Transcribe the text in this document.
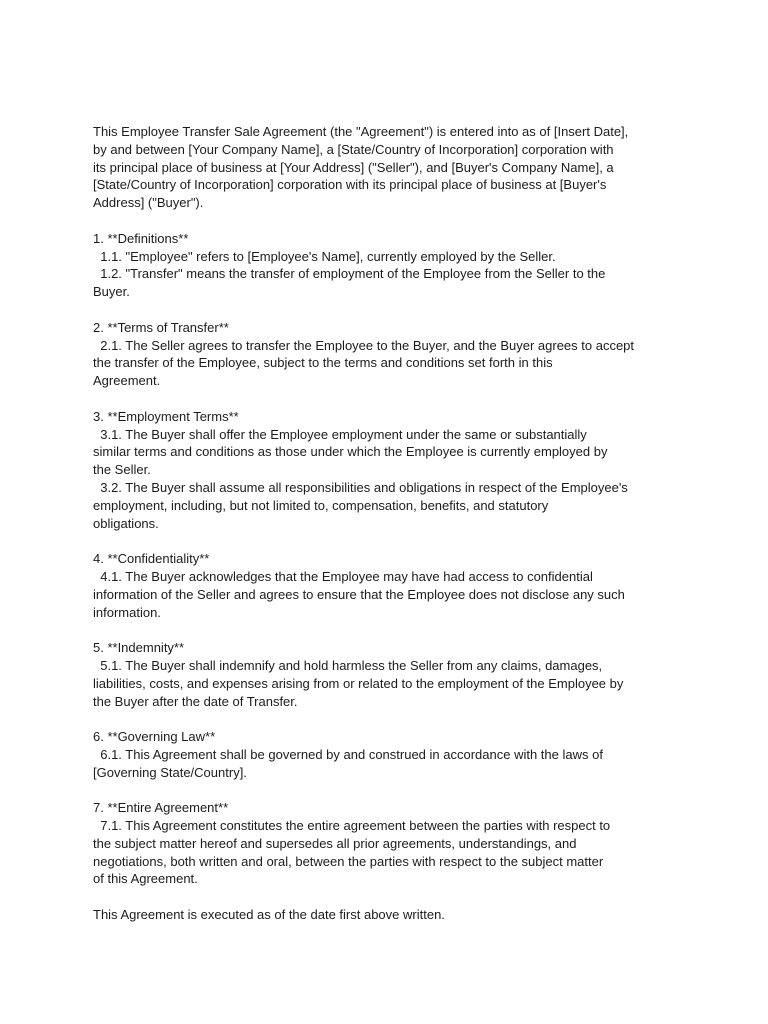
This Employee Transfer Sale Agreement (the "Agreement") is entered into as of [Insert Date],
by and between [Your Company Name], a [State/Country of Incorporation] corporation with
its principal place of business at [Your Address] ("Seller"), and [Buyer's Company Name], a
[State/Country of Incorporation] corporation with its principal place of business at [Buyer's
Address] ("Buyer").
1. **Definitions**
1.1. "Employee" refers to [Employee's Name], currently employed by the Seller.
1.2. "Transfer" means the transfer of employment of the Employee from the Seller to the
Buyer.
2. **Terms of Transfer**
2.1. The Seller agrees to transfer the Employee to the Buyer, and the Buyer agrees to accept
the transfer of the Employee, subject to the terms and conditions set forth in this
Agreement.
3. **Employment Terms**
3.1. The Buyer shall offer the Employee employment under the same or substantially
similar terms and conditions as those under which the Employee is currently employed by
the Seller.
3.2. The Buyer shall assume all responsibilities and obligations in respect of the Employee's
employment, including, but not limited to, compensation, benefits, and statutory
obligations.
4. **Confidentiality**
4.1. The Buyer acknowledges that the Employee may have had access to confidential
information of the Seller and agrees to ensure that the Employee does not disclose any such
information.
5. **Indemnity**
5.1. The Buyer shall indemnify and hold harmless the Seller from any claims, damages,
liabilities, costs, and expenses arising from or related to the employment of the Employee by
the Buyer after the date of Transfer.
6. **Governing Law**
6.1. This Agreement shall be governed by and construed in accordance with the laws of
[Governing State/Country].
7. **Entire Agreement**
7.1. This Agreement constitutes the entire agreement between the parties with respect to
the subject matter hereof and supersedes all prior agreements, understandings, and
negotiations, both written and oral, between the parties with respect to the subject matter
of this Agreement.
This Agreement is executed as of the date first above written.
